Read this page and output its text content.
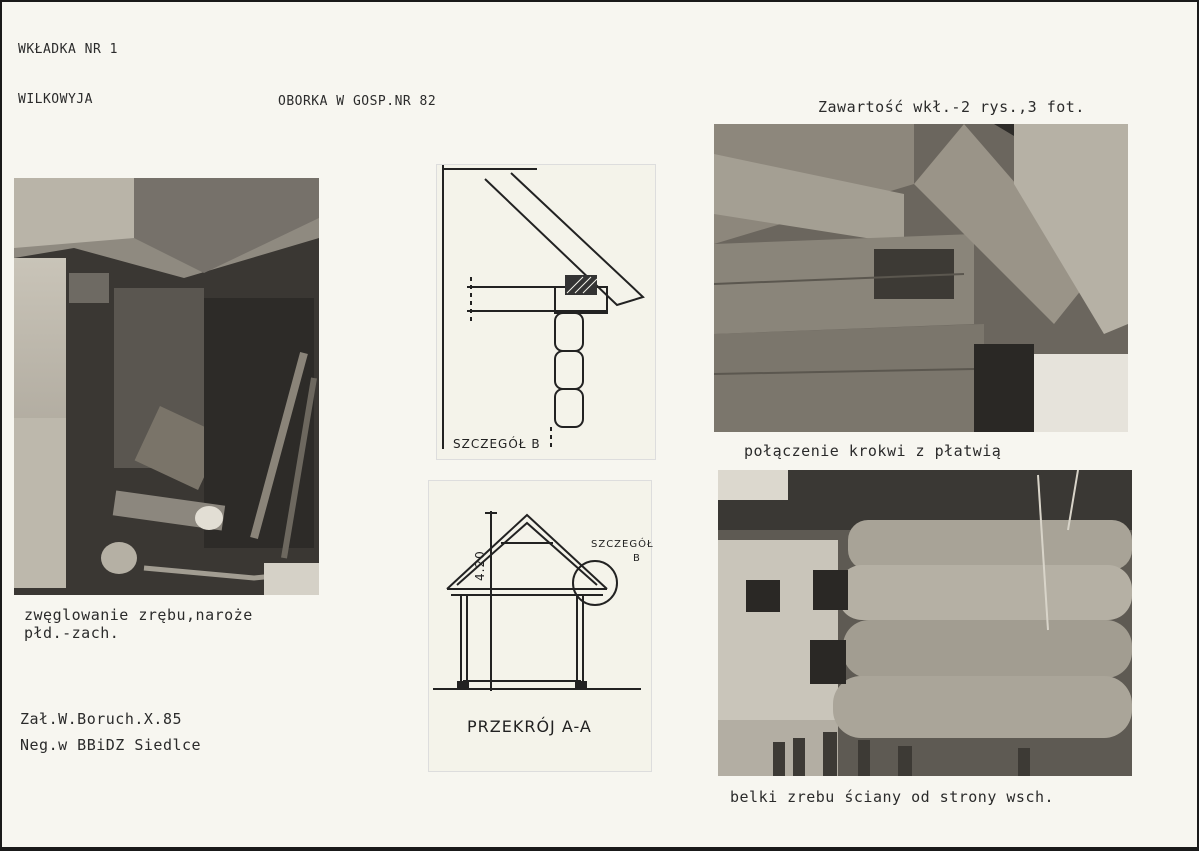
WKŁADKA NR 1
WILKOWYJA	OBORKA W GOSP.NR 82	Zawartość wkł.-2 rys.,3 fot.
zwęglowanie zrębu,naroże
płd.-zach.
SZCZEGÓŁ B
4.20
SZCZEGÓŁ
B
PRZEKRÓJ A-A
połączenie krokwi z płatwią
belki zrebu ściany od strony wsch.
Zał.W.Boruch.X.85
Neg.w BBiDZ Siedlce
